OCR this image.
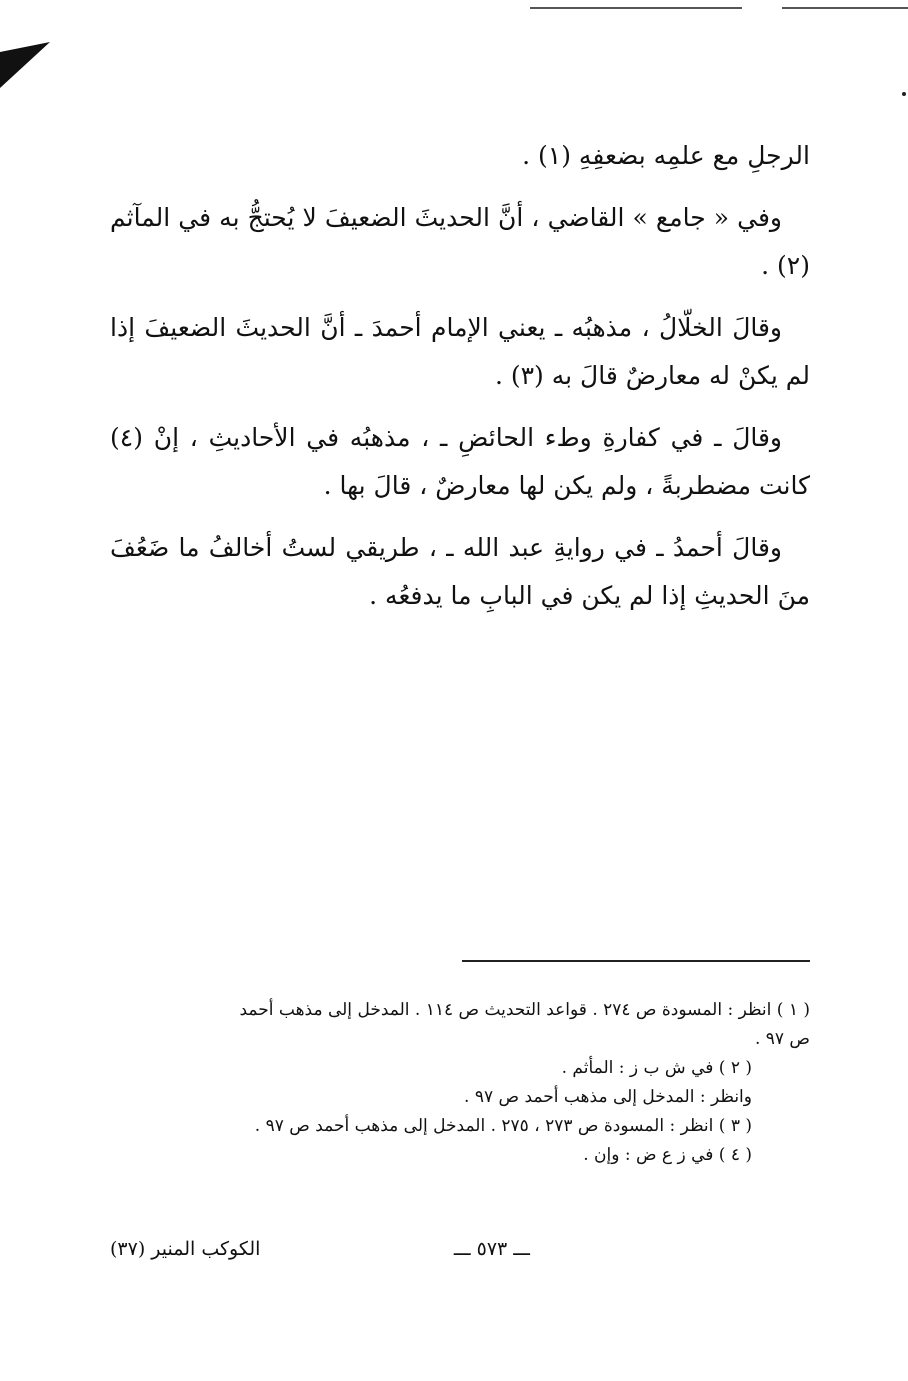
الرجلِ مع علمِه بضعفِهِ (١) .

وفي « جامع » القاضي ، أنَّ الحديثَ الضعيفَ لا يُحتجُّ به في المآثم (٢) .

وقالَ الخلّالُ ، مذهبُه ـ يعني الإمام أحمدَ ـ أنَّ الحديثَ الضعيفَ إذا لم يكنْ له معارضٌ قالَ به (٣) .

وقالَ ـ في كفارةِ وطء الحائضِ ـ ، مذهبُه في الأحاديثِ ، إنْ (٤) كانت مضطربةً ، ولم يكن لها معارضٌ ، قالَ بها .

وقالَ أحمدُ ـ في روايةِ عبد الله ـ ، طريقي لستُ أخالفُ ما ضَعُفَ منَ الحديثِ إذا لم يكن في البابِ ما يدفعُه .

( ١ ) انظر : المسودة ص ٢٧٤ . قواعد التحديث ص ١١٤ . المدخل إلى مذهب أحمد
ص ٩٧ .
( ٢ ) في ش ب ز : المأثم .
وانظر : المدخل إلى مذهب أحمد ص ٩٧ .
( ٣ ) انظر : المسودة ص ٢٧٣ ، ٢٧٥ . المدخل إلى مذهب أحمد ص ٩٧ .
( ٤ ) في ز ع ض : وإن .
ـــ ٥٧٣ ـــ
الكوكب المنير (٣٧)
